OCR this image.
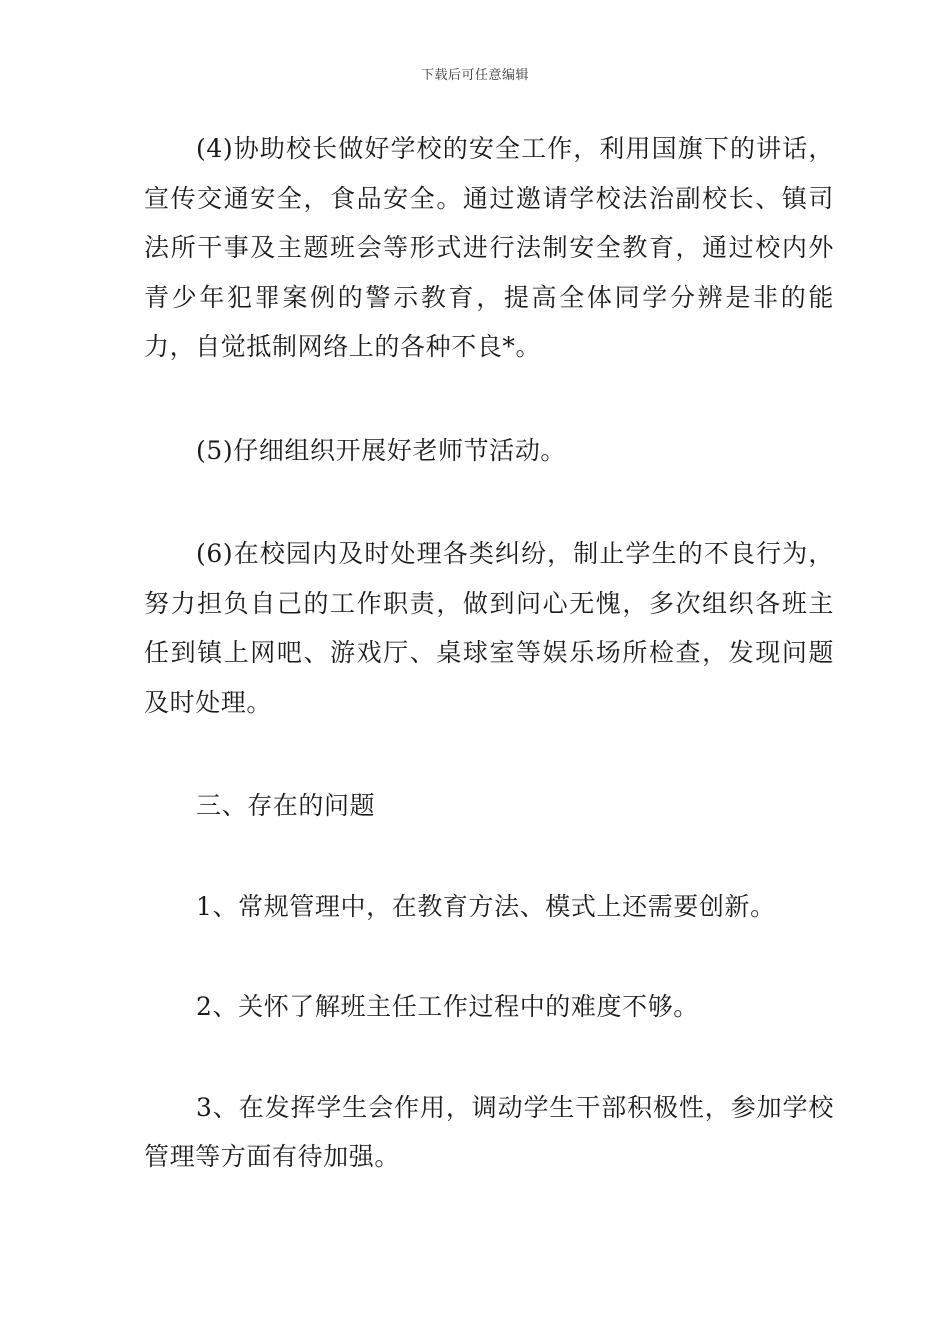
下载后可任意编辑

(4)协助校长做好学校的安全工作，利用国旗下的讲话，宣传交通安全，食品安全。通过邀请学校法治副校长、镇司法所干事及主题班会等形式进行法制安全教育，通过校内外青少年犯罪案例的警示教育，提高全体同学分辨是非的能力，自觉抵制网络上的各种不良*。

(5)仔细组织开展好老师节活动。

(6)在校园内及时处理各类纠纷，制止学生的不良行为，努力担负自己的工作职责，做到问心无愧，多次组织各班主任到镇上网吧、游戏厅、桌球室等娱乐场所检查，发现问题及时处理。

三、存在的问题

1、常规管理中，在教育方法、模式上还需要创新。

2、关怀了解班主任工作过程中的难度不够。

3、在发挥学生会作用，调动学生干部积极性，参加学校管理等方面有待加强。
